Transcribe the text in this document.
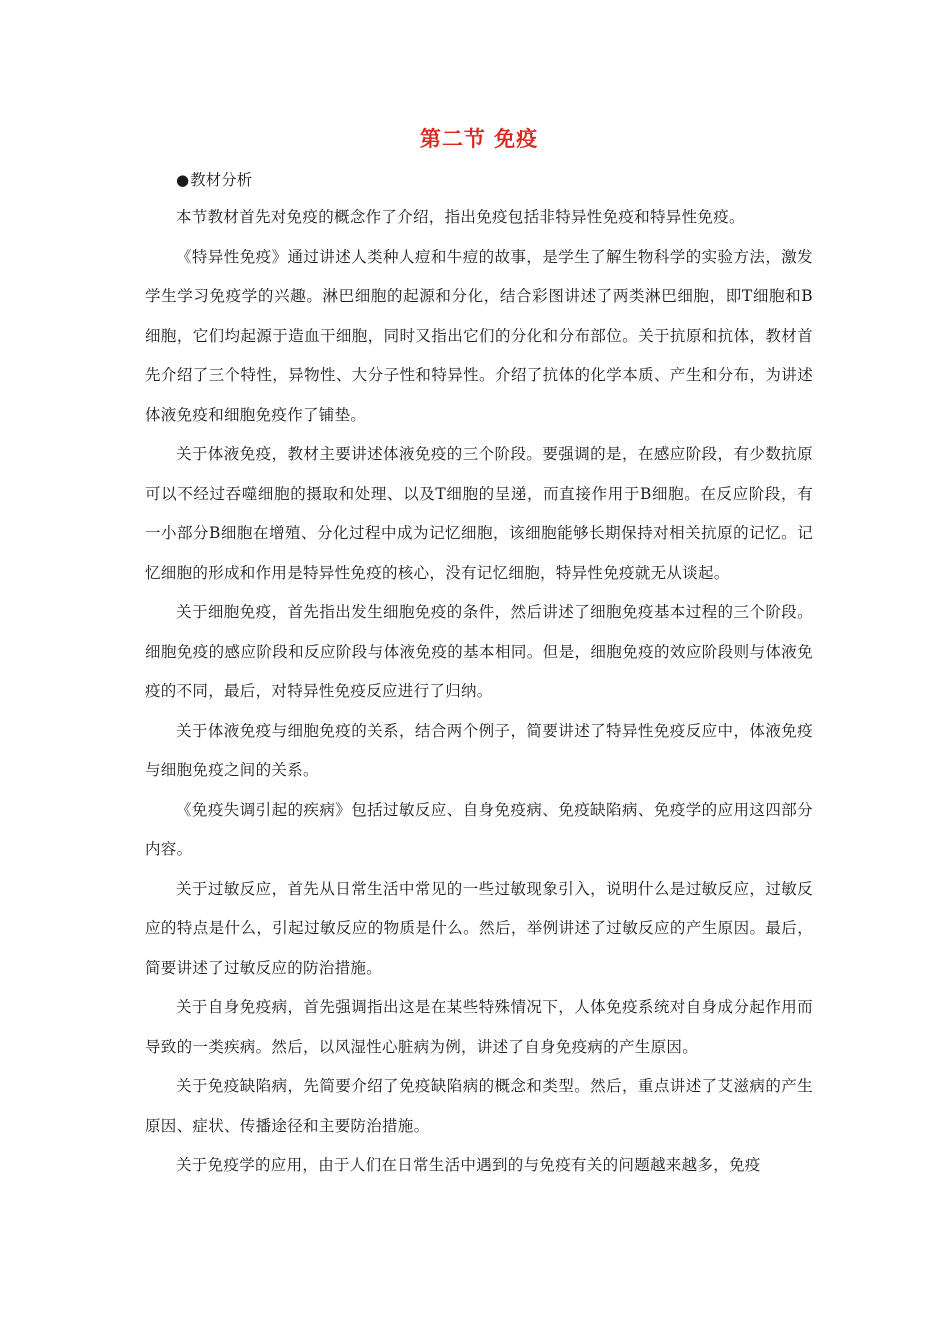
第二节 免疫
●教材分析

本节教材首先对免疫的概念作了介绍，指出免疫包括非特异性免疫和特异性免疫。

《特异性免疫》通过讲述人类种人痘和牛痘的故事，是学生了解生物科学的实验方法，激发学生学习免疫学的兴趣。淋巴细胞的起源和分化，结合彩图讲述了两类淋巴细胞，即T细胞和B细胞，它们均起源于造血干细胞，同时又指出它们的分化和分布部位。关于抗原和抗体，教材首先介绍了三个特性，异物性、大分子性和特异性。介绍了抗体的化学本质、产生和分布，为讲述体液免疫和细胞免疫作了铺垫。

关于体液免疫，教材主要讲述体液免疫的三个阶段。要强调的是，在感应阶段，有少数抗原可以不经过吞噬细胞的摄取和处理、以及T细胞的呈递，而直接作用于B细胞。在反应阶段，有一小部分B细胞在增殖、分化过程中成为记忆细胞，该细胞能够长期保持对相关抗原的记忆。记忆细胞的形成和作用是特异性免疫的核心，没有记忆细胞，特异性免疫就无从谈起。

关于细胞免疫，首先指出发生细胞免疫的条件，然后讲述了细胞免疫基本过程的三个阶段。细胞免疫的感应阶段和反应阶段与体液免疫的基本相同。但是，细胞免疫的效应阶段则与体液免疫的不同，最后，对特异性免疫反应进行了归纳。

关于体液免疫与细胞免疫的关系，结合两个例子，简要讲述了特异性免疫反应中，体液免疫与细胞免疫之间的关系。

《免疫失调引起的疾病》包括过敏反应、自身免疫病、免疫缺陷病、免疫学的应用这四部分内容。

关于过敏反应，首先从日常生活中常见的一些过敏现象引入，说明什么是过敏反应，过敏反应的特点是什么，引起过敏反应的物质是什么。然后，举例讲述了过敏反应的产生原因。最后，简要讲述了过敏反应的防治措施。

关于自身免疫病，首先强调指出这是在某些特殊情况下，人体免疫系统对自身成分起作用而导致的一类疾病。然后，以风湿性心脏病为例，讲述了自身免疫病的产生原因。

关于免疫缺陷病，先简要介绍了免疫缺陷病的概念和类型。然后，重点讲述了艾滋病的产生原因、症状、传播途径和主要防治措施。

关于免疫学的应用，由于人们在日常生活中遇到的与免疫有关的问题越来越多，免疫
